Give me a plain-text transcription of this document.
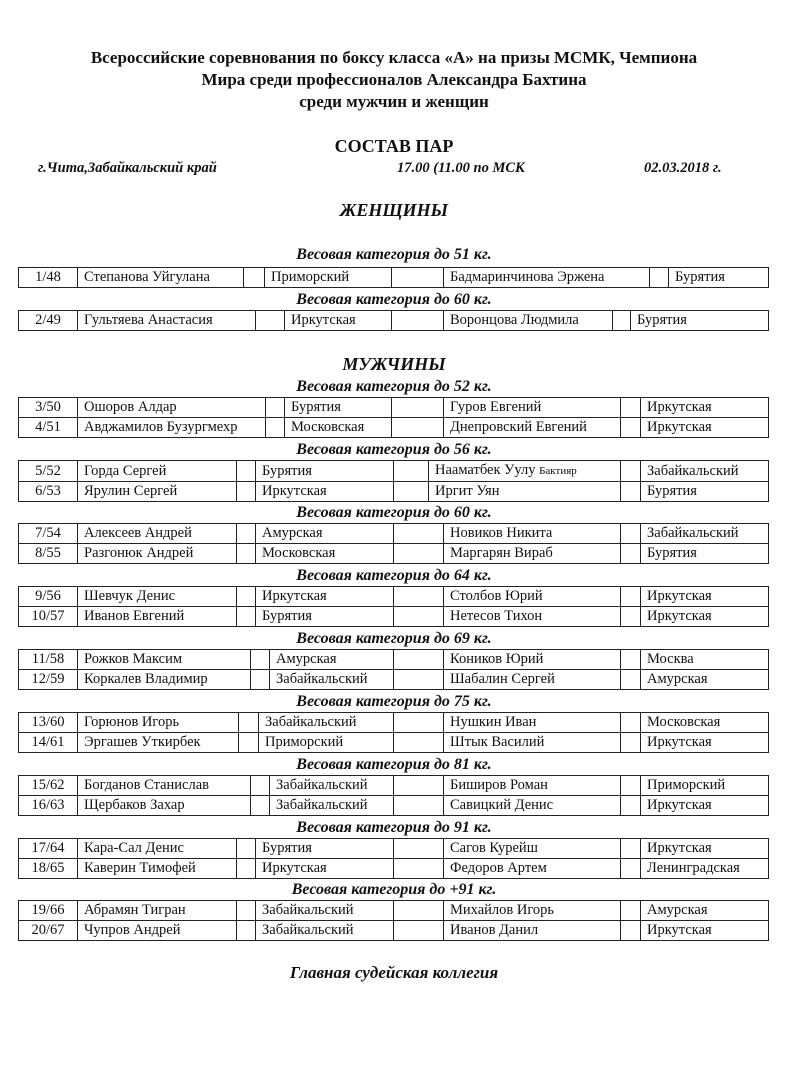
Всероссийские соревнования по боксу класса «А» на призы МСМК, Чемпиона
Мира среди профессионалов Александра Бахтина
среди мужчин и женщин
СОСТАВ ПАР
г.Чита,Забайкальский край	17.00 (11.00 по МСК	02.03.2018 г.
ЖЕНЩИНЫ
Весовая категория до 51 кг.
1/48	Степанова Уйгулана		Приморский		Бадмаринчинова Эржена		Бурятия
Весовая категория до 60 кг.
2/49	Гультяева Анастасия		Иркутская		Воронцова Людмила		Бурятия
МУЖЧИНЫ
Весовая категория до 52 кг.
3/50	Ошоров Алдар		Бурятия		Гуров Евгений		Иркутская
4/51	Авджамилов Бузургмехр		Московская		Днепровский Евгений		Иркутская
Весовая категория до 56 кг.
5/52	Горда Сергей		Бурятия		Нааматбек Уулу Бактияр		Забайкальский
6/53	Ярулин Сергей		Иркутская		Иргит Уян		Бурятия
Весовая категория до 60 кг.
7/54	Алексеев Андрей		Амурская		Новиков Никита		Забайкальский
8/55	Разгонюк Андрей		Московская		Маргарян Вираб		Бурятия
Весовая категория до 64 кг.
9/56	Шевчук Денис		Иркутская		Столбов Юрий		Иркутская
10/57	Иванов Евгений		Бурятия		Нетесов Тихон		Иркутская
Весовая категория до 69 кг.
11/58	Рожков Максим		Амурская		Коников Юрий		Москва
12/59	Коркалев Владимир		Забайкальский		Шабалин Сергей		Амурская
Весовая категория до 75 кг.
13/60	Горюнов Игорь		Забайкальский		Нушкин Иван		Московская
14/61	Эргашев Уткирбек		Приморский		Штык Василий		Иркутская
Весовая категория до 81 кг.
15/62	Богданов Станислав		Забайкальский		Биширов Роман		Приморский
16/63	Щербаков Захар		Забайкальский		Савицкий Денис		Иркутская
Весовая категория до 91 кг.
17/64	Кара-Сал Денис		Бурятия		Сагов Курейш		Иркутская
18/65	Каверин Тимофей		Иркутская		Федоров Артем		Ленинградская
Весовая категория до +91 кг.
19/66	Абрамян Тигран		Забайкальский		Михайлов Игорь		Амурская
20/67	Чупров Андрей		Забайкальский		Иванов Данил		Иркутская
Главная судейская коллегия
